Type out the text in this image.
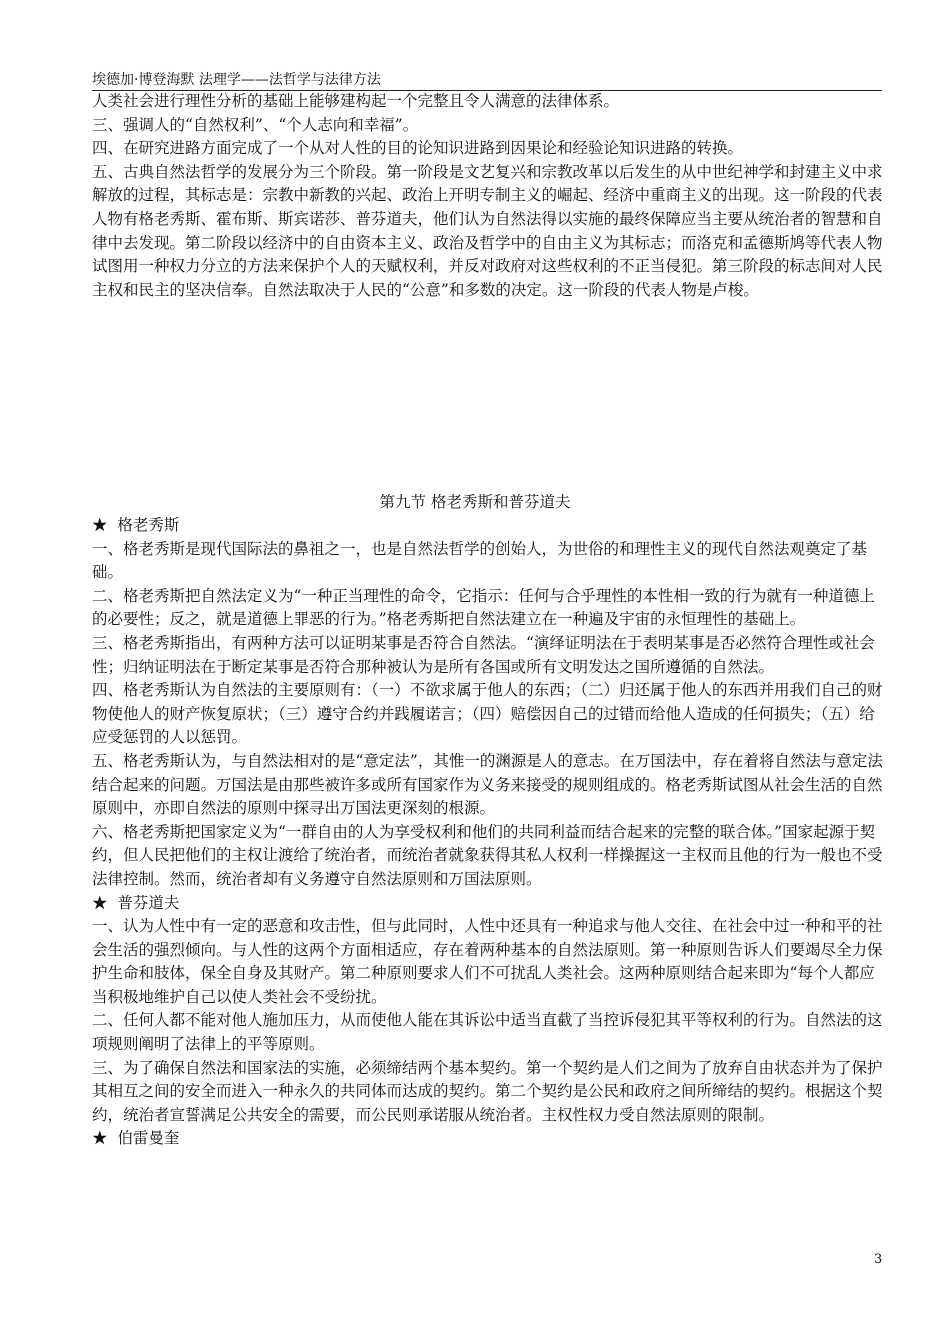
埃德加·博登海默 法理学——法哲学与法律方法

人类社会进行理性分析的基础上能够建构起一个完整且令人满意的法律体系。

三、强调人的“自然权利”、“个人志向和幸福”。

四、在研究进路方面完成了一个从对人性的目的论知识进路到因果论和经验论知识进路的转换。

五、古典自然法哲学的发展分为三个阶段。第一阶段是文艺复兴和宗教改革以后发生的从中世纪神学和封建主义中求解放的过程，其标志是：宗教中新教的兴起、政治上开明专制主义的崛起、经济中重商主义的出现。这一阶段的代表人物有格老秀斯、霍布斯、斯宾诺莎、普芬道夫，他们认为自然法得以实施的最终保障应当主要从统治者的智慧和自律中去发现。第二阶段以经济中的自由资本主义、政治及哲学中的自由主义为其标志；而洛克和孟德斯鸠等代表人物试图用一种权力分立的方法来保护个人的天赋权利，并反对政府对这些权利的不正当侵犯。第三阶段的标志间对人民主权和民主的坚决信奉。自然法取决于人民的“公意”和多数的决定。这一阶段的代表人物是卢梭。

第九节 格老秀斯和普芬道夫

★  格老秀斯

一、格老秀斯是现代国际法的鼻祖之一，也是自然法哲学的创始人，为世俗的和理性主义的现代自然法观奠定了基础。

二、格老秀斯把自然法定义为“一种正当理性的命令，它指示：任何与合乎理性的本性相一致的行为就有一种道德上的必要性；反之，就是道德上罪恶的行为。”格老秀斯把自然法建立在一种遍及宇宙的永恒理性的基础上。

三、格老秀斯指出，有两种方法可以证明某事是否符合自然法。“演绎证明法在于表明某事是否必然符合理性或社会性；归纳证明法在于断定某事是否符合那种被认为是所有各国或所有文明发达之国所遵循的自然法。

四、格老秀斯认为自然法的主要原则有：（一）不欲求属于他人的东西；（二）归还属于他人的东西并用我们自己的财物使他人的财产恢复原状；（三）遵守合约并践履诺言；（四）赔偿因自己的过错而给他人造成的任何损失；（五）给应受惩罚的人以惩罚。

五、格老秀斯认为，与自然法相对的是“意定法”，其惟一的渊源是人的意志。在万国法中，存在着将自然法与意定法结合起来的问题。万国法是由那些被许多或所有国家作为义务来接受的规则组成的。格老秀斯试图从社会生活的自然原则中，亦即自然法的原则中探寻出万国法更深刻的根源。

六、格老秀斯把国家定义为“一群自由的人为享受权利和他们的共同利益而结合起来的完整的联合体。”国家起源于契约，但人民把他们的主权让渡给了统治者，而统治者就象获得其私人权利一样操握这一主权而且他的行为一般也不受法律控制。然而，统治者却有义务遵守自然法原则和万国法原则。

★  普芬道夫

一、认为人性中有一定的恶意和攻击性，但与此同时，人性中还具有一种追求与他人交往、在社会中过一种和平的社会生活的强烈倾向。与人性的这两个方面相适应，存在着两种基本的自然法原则。第一种原则告诉人们要竭尽全力保护生命和肢体，保全自身及其财产。第二种原则要求人们不可扰乱人类社会。这两种原则结合起来即为“每个人都应当积极地维护自己以使人类社会不受纷扰。

二、任何人都不能对他人施加压力，从而使他人能在其诉讼中适当直截了当控诉侵犯其平等权利的行为。自然法的这项规则阐明了法律上的平等原则。

三、为了确保自然法和国家法的实施，必须缔结两个基本契约。第一个契约是人们之间为了放弃自由状态并为了保护其相互之间的安全而进入一种永久的共同体而达成的契约。第二个契约是公民和政府之间所缔结的契约。根据这个契约，统治者宣誓满足公共安全的需要，而公民则承诺服从统治者。主权性权力受自然法原则的限制。

★  伯雷曼奎

3
